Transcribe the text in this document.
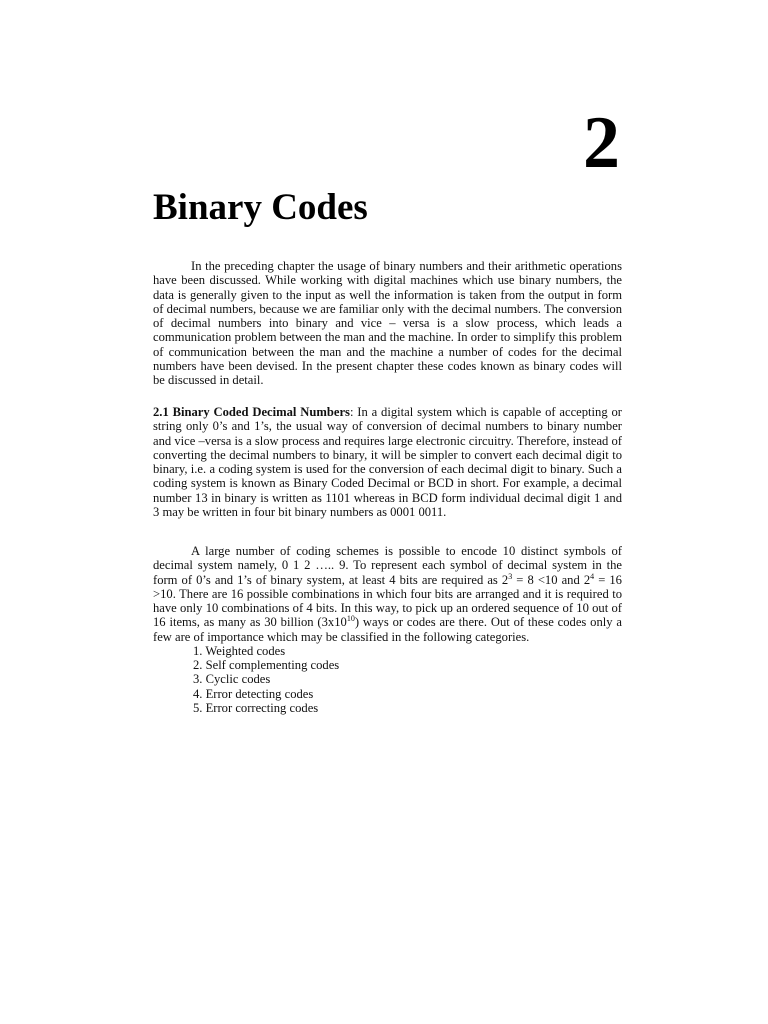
2
Binary Codes

In the preceding chapter the usage of binary numbers and their arithmetic operations have been discussed. While working with digital machines which use binary numbers, the data is generally given to the input as well the information is taken from the output in form of decimal numbers, because we are familiar only with the decimal numbers. The conversion of decimal numbers into binary and vice – versa is a slow process, which leads a communication problem between the man and the machine. In order to simplify this problem of communication between the man and the machine a number of codes for the decimal numbers have been devised. In the present chapter these codes known as binary codes will be discussed in detail.

2.1 Binary Coded Decimal Numbers: In a digital system which is capable of accepting or string only 0’s and 1’s, the usual way of conversion of decimal numbers to binary number and vice –versa is a slow process and requires large electronic circuitry. Therefore, instead of converting the decimal numbers to binary, it will be simpler to convert each decimal digit to binary, i.e. a coding system is used for the conversion of each decimal digit to binary. Such a coding system is known as Binary Coded Decimal or BCD in short. For example, a decimal number 13 in binary is written as 1101 whereas in BCD form individual decimal digit 1 and 3 may be written in four bit binary numbers as 0001 0011.

A large number of coding schemes is possible to encode 10 distinct symbols of decimal system namely, 0 1 2 ….. 9. To represent each symbol of decimal system in the form of 0’s and 1’s of binary system, at least 4 bits are required as $2^3 = 8 <10$ and $2^4 = 16 >10$. There are 16 possible combinations in which four bits are arranged and it is required to have only 10 combinations of 4 bits. In this way, to pick up an ordered sequence of 10 out of 16 items, as many as 30 billion $(3x10^{10})$ ways or codes are there. Out of these codes only a few are of importance which may be classified in the following categories.

1. Weighted codes
2. Self complementing codes
3. Cyclic codes
4. Error detecting codes
5. Error correcting codes
